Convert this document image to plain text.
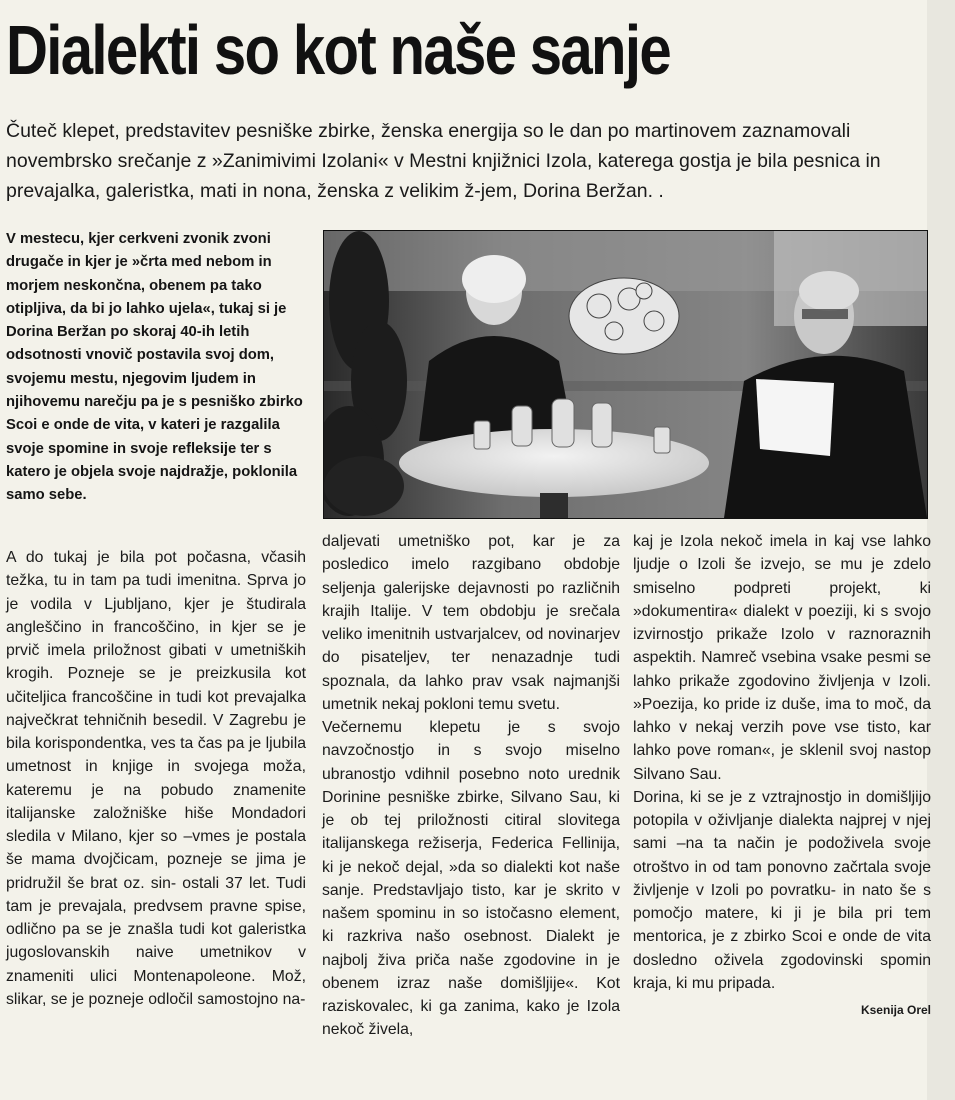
Dialekti so kot naše sanje
Čuteč klepet, predstavitev pesniške zbirke, ženska energija so le dan po martinovem zaznamovali novembrsko srečanje z »Zanimivimi Izolani« v Mestni knjižnici Izola, katerega gostja je bila pesnica in prevajalka, galeristka, mati in nona, ženska z velikim ž-jem, Dorina Beržan. .
V mestecu, kjer cerkveni zvonik zvoni drugače in kjer je »črta med nebom in morjem neskončna, obenem pa tako otipljiva, da bi jo lahko ujela«, tukaj si je Dorina Beržan po skoraj 40-ih letih odsotnosti vnovič postavila svoj dom, svojemu mestu, njegovim ljudem in njihovemu narečju pa je s pesniško zbirko Scoi e onde de vita, v kateri je razgalila svoje spomine in svoje refleksije ter s katero je objela svoje najdražje, poklonila samo sebe.

A do tukaj je bila pot počasna, včasih težka, tu in tam pa tudi imenitna. Sprva jo je vodila v Ljubljano, kjer je študirala angleščino in francoščino, in kjer se je prvič imela priložnost gibati v umetniških krogih. Pozneje se je preizkusila kot učiteljica francoščine in tudi kot prevajalka največkrat tehničnih besedil. V Zagrebu je bila korispondentka, ves ta čas pa je ljubila umetnost in knjige in svojega moža, kateremu je na pobudo znamenite italijanske založniške hiše Mondadori sledila v Milano, kjer so –vmes je postala še mama dvojčicam, pozneje se jima je pridružil še brat oz. sin- ostali 37 let. Tudi tam je prevajala, predvsem pravne spise, odlično pa se je znašla tudi kot galeristka jugoslovanskih naive umetnikov v znameniti ulici Montenapoleone. Mož, slikar, se je pozneje odločil samostojno na-

daljevati umetniško pot, kar je za posledico imelo razgibano obdobje seljenja galerijske dejavnosti po različnih krajih Italije. V tem obdobju je srečala veliko imenitnih ustvarjalcev, od novinarjev do pisateljev, ter nenazadnje tudi spoznala, da lahko prav vsak najmanjši umetnik nekaj pokloni temu svetu.

Večernemu klepetu je s svojo navzočnostjo in s svojo miselno ubranostjo vdihnil posebno noto urednik Dorinine pesniške zbirke, Silvano Sau, ki je ob tej priložnosti citiral slovitega italijanskega režiserja, Federica Fellinija, ki je nekoč dejal, »da so dialekti kot naše sanje. Predstavljajo tisto, kar je skrito v našem spominu in so istočasno element, ki razkriva našo osebnost. Dialekt je najbolj živa priča naše zgodovine in je obenem izraz naše domišljije«. Kot raziskovalec, ki ga zanima, kako je Izola nekoč živela,

kaj je Izola nekoč imela in kaj vse lahko ljudje o Izoli še izvejo, se mu je zdelo smiselno podpreti projekt, ki »dokumentira« dialekt v poeziji, ki s svojo izvirnostjo prikaže Izolo v raznoraznih aspektih. Namreč vsebina vsake pesmi se lahko prikaže zgodovino življenja v Izoli. »Poezija, ko pride iz duše, ima to moč, da lahko v nekaj verzih pove vse tisto, kar lahko pove roman«, je sklenil svoj nastop Silvano Sau.

Dorina, ki se je z vztrajnostjo in domišljijo potopila v oživljanje dialekta najprej v njej sami –na ta način je podoživela svoje otroštvo in od tam ponovno začrtala svoje življenje v Izoli po povratku- in nato še s pomočjo matere, ki ji je bila pri tem mentorica, je z zbirko Scoi e onde de vita dosledno oživela zgodovinski spomin kraja, ki mu pripada.

Ksenija Orel
